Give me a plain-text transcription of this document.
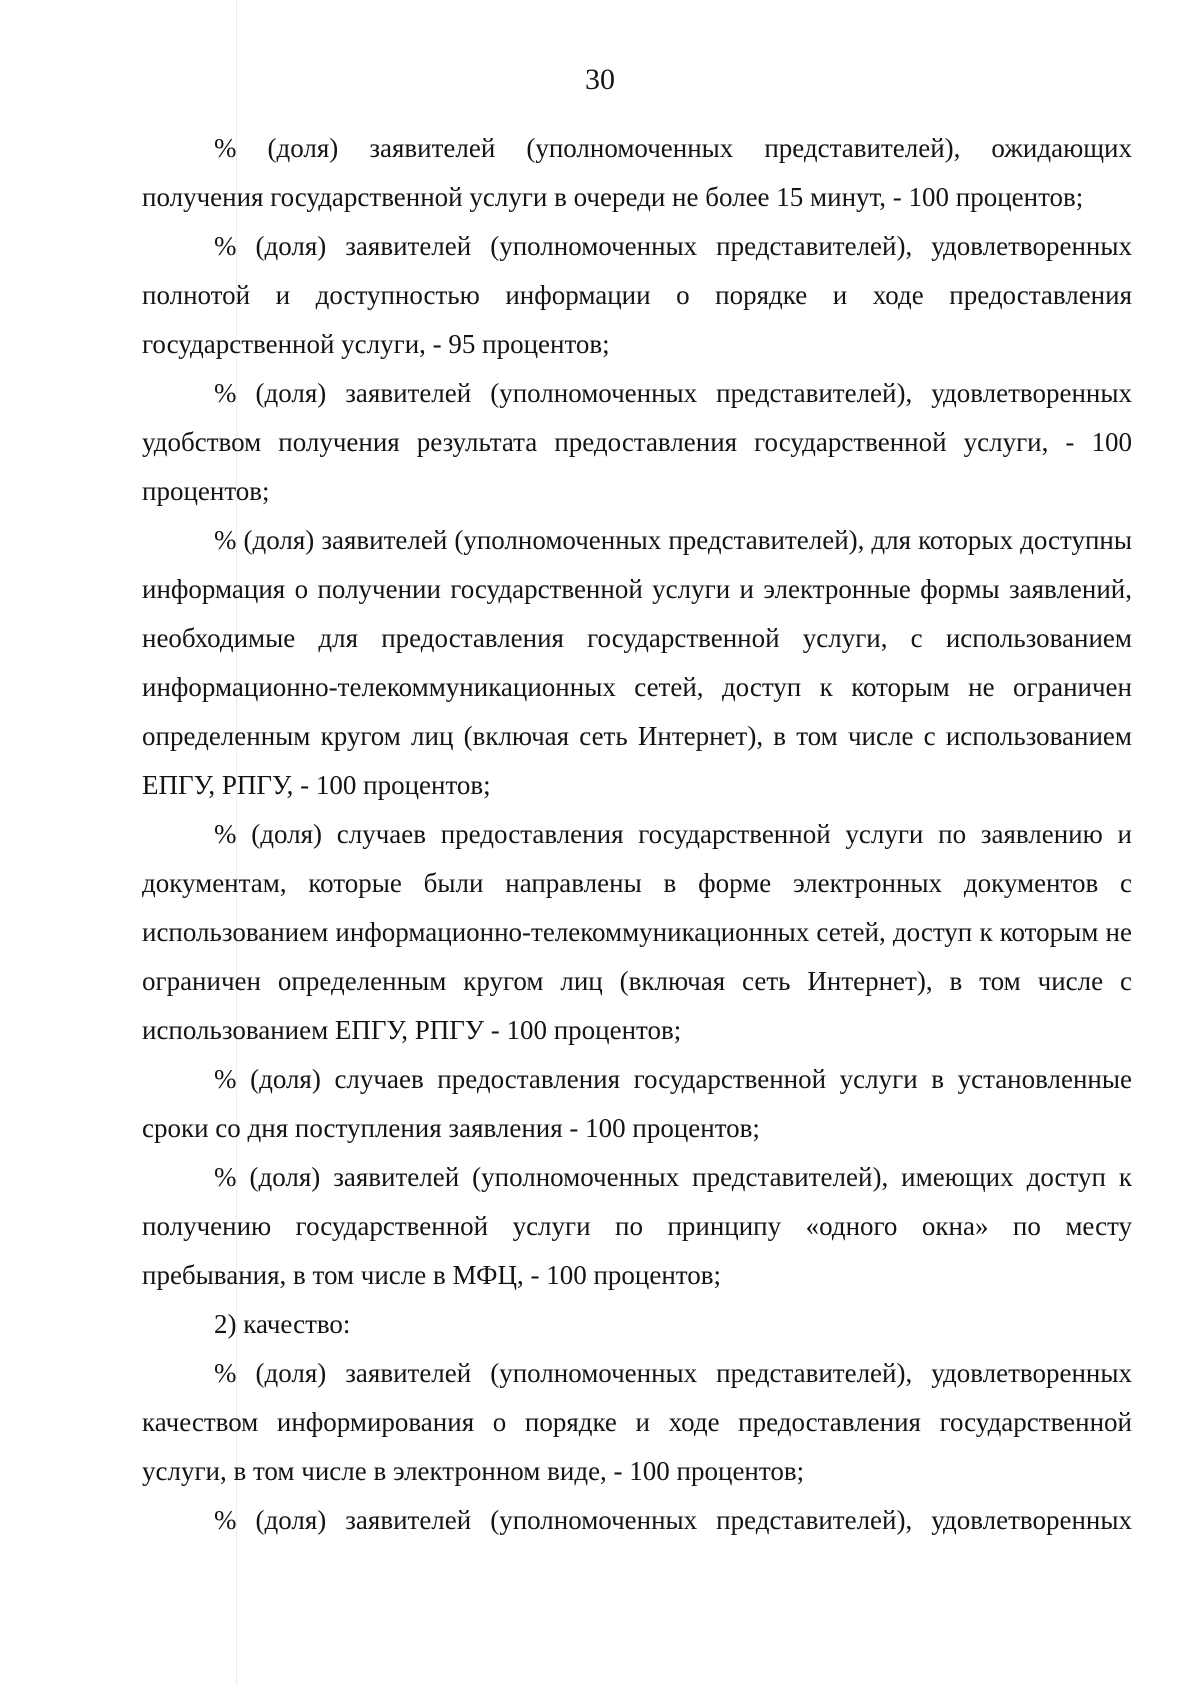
30

% (доля) заявителей (уполномоченных представителей), ожидающих получения государственной услуги в очереди не более 15 минут, - 100 процентов;

% (доля) заявителей (уполномоченных представителей), удовлетворенных полнотой и доступностью информации о порядке и ходе предоставления государственной услуги, - 95 процентов;

% (доля) заявителей (уполномоченных представителей), удовлетворенных удобством получения результата предоставления государственной услуги, - 100 процентов;

% (доля) заявителей (уполномоченных представителей), для которых доступны информация о получении государственной услуги и электронные формы заявлений, необходимые для предоставления государственной услуги, с использованием информационно-телекоммуникационных сетей, доступ к которым не ограничен определенным кругом лиц (включая сеть Интернет), в том числе с использованием ЕПГУ, РПГУ, - 100 процентов;

% (доля) случаев предоставления государственной услуги по заявлению и документам, которые были направлены в форме электронных документов с использованием информационно-телекоммуникационных сетей, доступ к которым не ограничен определенным кругом лиц (включая сеть Интернет), в том числе с использованием ЕПГУ, РПГУ - 100 процентов;

% (доля) случаев предоставления государственной услуги в установленные сроки со дня поступления заявления - 100 процентов;

% (доля) заявителей (уполномоченных представителей), имеющих доступ к получению государственной услуги по принципу «одного окна» по месту пребывания, в том числе в МФЦ, - 100 процентов;

2) качество:

% (доля) заявителей (уполномоченных представителей), удовлетворенных качеством информирования о порядке и ходе предоставления государственной услуги, в том числе в электронном виде, - 100 процентов;

% (доля) заявителей (уполномоченных представителей), удовлетворенных
